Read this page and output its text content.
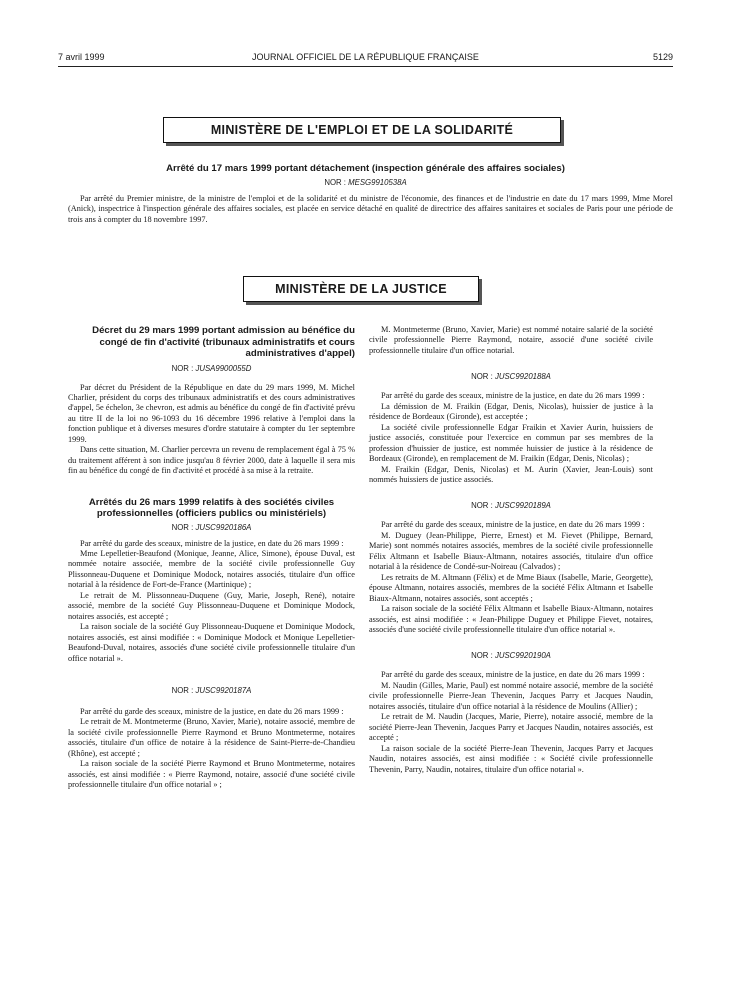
7 avril 1999	JOURNAL OFFICIEL DE LA RÉPUBLIQUE FRANÇAISE	5129
MINISTÈRE DE L'EMPLOI ET DE LA SOLIDARITÉ
Arrêté du 17 mars 1999 portant détachement (inspection générale des affaires sociales)
NOR : MESG9910538A

Par arrêté du Premier ministre, de la ministre de l'emploi et de la solidarité et du ministre de l'économie, des finances et de l'industrie en date du 17 mars 1999, Mme Morel (Anick), inspectrice à l'inspection générale des affaires sociales, est placée en service détaché en qualité de directrice des affaires sanitaires et sociales de Paris pour une période de trois ans à compter du 18 novembre 1997.

MINISTÈRE DE LA JUSTICE
Décret du 29 mars 1999 portant admission au bénéfice du congé de fin d'activité (tribunaux administratifs et cours administratives d'appel)
NOR : JUSA9900055D

Par décret du Président de la République en date du 29 mars 1999, M. Michel Charlier, président du corps des tribunaux administratifs et des cours administratives d'appel, 5e échelon, 3e chevron, est admis au bénéfice du congé de fin d'activité prévu au titre II de la loi no 96-1093 du 16 décembre 1996 relative à l'emploi dans la fonction publique et à diverses mesures d'ordre statutaire à compter du 1er septembre 1999.

Dans cette situation, M. Charlier percevra un revenu de remplacement égal à 75 % du traitement afférent à son indice jusqu'au 8 février 2000, date à laquelle il sera mis fin au bénéfice du congé de fin d'activité et procédé à sa mise à la retraite.

Arrêtés du 26 mars 1999 relatifs à des sociétés civiles professionnelles (officiers publics ou ministériels)
NOR : JUSC9920186A

Par arrêté du garde des sceaux, ministre de la justice, en date du 26 mars 1999 :

Mme Lepelletier-Beaufond (Monique, Jeanne, Alice, Simone), épouse Duval, est nommée notaire associée, membre de la société civile professionnelle Guy Plissonneau-Duquene et Dominique Modock, notaires associés, titulaire d'un office notarial à la résidence de Fort-de-France (Martinique) ;

Le retrait de M. Plissonneau-Duquene (Guy, Marie, Joseph, René), notaire associé, membre de la société Guy Plissonneau-Duquene et Dominique Modock, notaires associés, est accepté ;

La raison sociale de la société Guy Plissonneau-Duquene et Dominique Modock, notaires associés, est ainsi modifiée : « Dominique Modock et Monique Lepelletier-Beaufond-Duval, notaires, associés d'une société civile professionnelle titulaire d'un office notarial ».

NOR : JUSC9920187A

Par arrêté du garde des sceaux, ministre de la justice, en date du 26 mars 1999 :

Le retrait de M. Montmeterme (Bruno, Xavier, Marie), notaire associé, membre de la société civile professionnelle Pierre Raymond et Bruno Montmeterme, notaires associés, titulaire d'un office de notaire à la résidence de Saint-Pierre-de-Chandieu (Rhône), est accepté ;

La raison sociale de la société Pierre Raymond et Bruno Montmeterme, notaires associés, est ainsi modifiée : « Pierre Raymond, notaire, associé d'une société civile professionnelle titulaire d'un office notarial » ;

M. Montmeterme (Bruno, Xavier, Marie) est nommé notaire salarié de la société civile professionnelle Pierre Raymond, notaire, associé d'une société civile professionnelle titulaire d'un office notarial.

NOR : JUSC9920188A

Par arrêté du garde des sceaux, ministre de la justice, en date du 26 mars 1999 :

La démission de M. Fraikin (Edgar, Denis, Nicolas), huissier de justice à la résidence de Bordeaux (Gironde), est acceptée ;

La société civile professionnelle Edgar Fraikin et Xavier Aurin, huissiers de justice associés, constituée pour l'exercice en commun par ses membres de la profession d'huissier de justice, est nommée huissier de justice à la résidence de Bordeaux (Gironde), en remplacement de M. Fraikin (Edgar, Denis, Nicolas) ;

M. Fraikin (Edgar, Denis, Nicolas) et M. Aurin (Xavier, Jean-Louis) sont nommés huissiers de justice associés.

NOR : JUSC9920189A

Par arrêté du garde des sceaux, ministre de la justice, en date du 26 mars 1999 :

M. Duguey (Jean-Philippe, Pierre, Ernest) et M. Fievet (Philippe, Bernard, Marie) sont nommés notaires associés, membres de la société civile professionnelle Félix Altmann et Isabelle Biaux-Altmann, notaires associés, titulaire d'un office notarial à la résidence de Condé-sur-Noireau (Calvados) ;

Les retraits de M. Altmann (Félix) et de Mme Biaux (Isabelle, Marie, Georgette), épouse Altmann, notaires associés, membres de la société Félix Altmann et Isabelle Biaux-Altmann, notaires associés, sont acceptés ;

La raison sociale de la société Félix Altmann et Isabelle Biaux-Altmann, notaires associés, est ainsi modifiée : « Jean-Philippe Duguey et Philippe Fievet, notaires, associés d'une société civile professionnelle titulaire d'un office notarial ».

NOR : JUSC9920190A

Par arrêté du garde des sceaux, ministre de la justice, en date du 26 mars 1999 :

M. Naudin (Gilles, Marie, Paul) est nommé notaire associé, membre de la société civile professionnelle Pierre-Jean Thevenin, Jacques Parry et Jacques Naudin, notaires associés, titulaire d'un office notarial à la résidence de Moulins (Allier) ;

Le retrait de M. Naudin (Jacques, Marie, Pierre), notaire associé, membre de la société Pierre-Jean Thevenin, Jacques Parry et Jacques Naudin, notaires associés, est accepté ;

La raison sociale de la société Pierre-Jean Thevenin, Jacques Parry et Jacques Naudin, notaires associés, est ainsi modifiée : « Société civile professionnelle Thevenin, Parry, Naudin, notaires, titulaire d'un office notarial ».
